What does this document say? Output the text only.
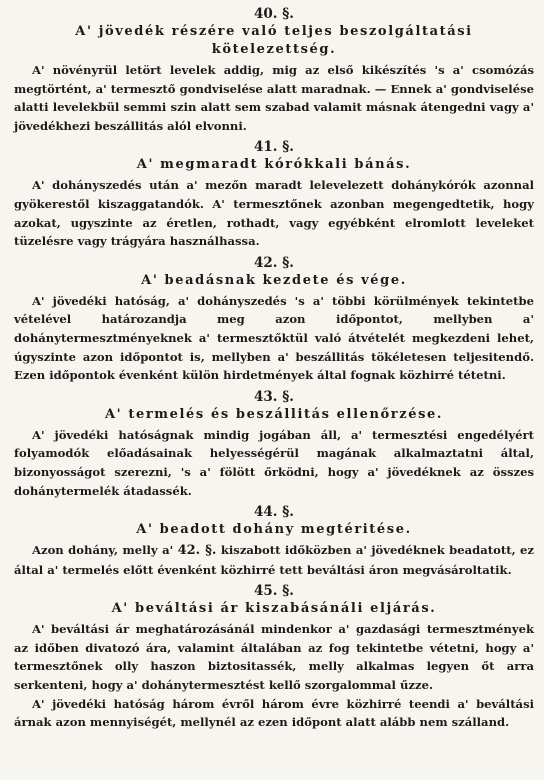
40. §.
A' jövedék részére való teljes beszolgáltatási kötelezettség.
A' növényrül letört levelek addig, mig az első kikészítés 's a' csomózás megtörtént, a' termesztő gondviselése alatt maradnak. — Ennek a' gondviselése alatti levelekbül semmi szin alatt sem szabad valamit másnak átengedni vagy a' jövedékhezi beszállitás alól elvonni.
41. §.
A' megmaradt kórókkali bánás.
A' dohányszedés után a' mezőn maradt lelevelezett dohánykórók azonnal gyökerestől kiszaggatandók. A' termesztőnek azonban megengedtetik, hogy azokat, ugyszinte az éretlen, rothadt, vagy egyébként elromlott leveleket tüzelésre vagy trágyára használhassa.
42. §.
A' beadásnak kezdete és vége.
A' jövedéki hatóság, a' dohányszedés 's a' többi körülmények tekintetbe vételével határozandja meg azon időpontot, mellyben a' dohánytermesztményeknek a' termesztőktül való átvételét megkezdeni lehet, úgyszinte azon időpontot is, mellyben a' beszállitás tökéletesen teljesitendő. Ezen időpontok évenként külön hirdetmények által fognak közhirré tétetni.
43. §.
A' termelés és beszállitás ellenőrzése.
A' jövedéki hatóságnak mindig jogában áll, a' termesztési engedélyért folyamodók előadásainak helyességérül magának alkalmaztatni által, bizonyosságot szerezni, 's a' fölött őrködni, hogy a' jövedéknek az összes dohánytermelék átadassék.
44. §.
A' beadott dohány megtéritése.
Azon dohány, melly a' 42. §. kiszabott időközben a' jövedéknek beadatott, ez által a' termelés előtt évenként közhirré tett beváltási áron megvásároltatik.
45. §.
A' beváltási ár kiszabásánáli eljárás.
A' beváltási ár meghatározásánál mindenkor a' gazdasági termesztmények az időben divatozó ára, valamint általában az fog tekintetbe vétetni, hogy a' termesztőnek olly haszon biztositassék, melly alkalmas legyen őt arra serkenteni, hogy a' dohánytermesztést kellő szorgalommal űzze.
A' jövedéki hatóság három évről három évre közhirré teendi a' beváltási árnak azon mennyiségét, mellynél az ezen időpont alatt alább nem szálland.
